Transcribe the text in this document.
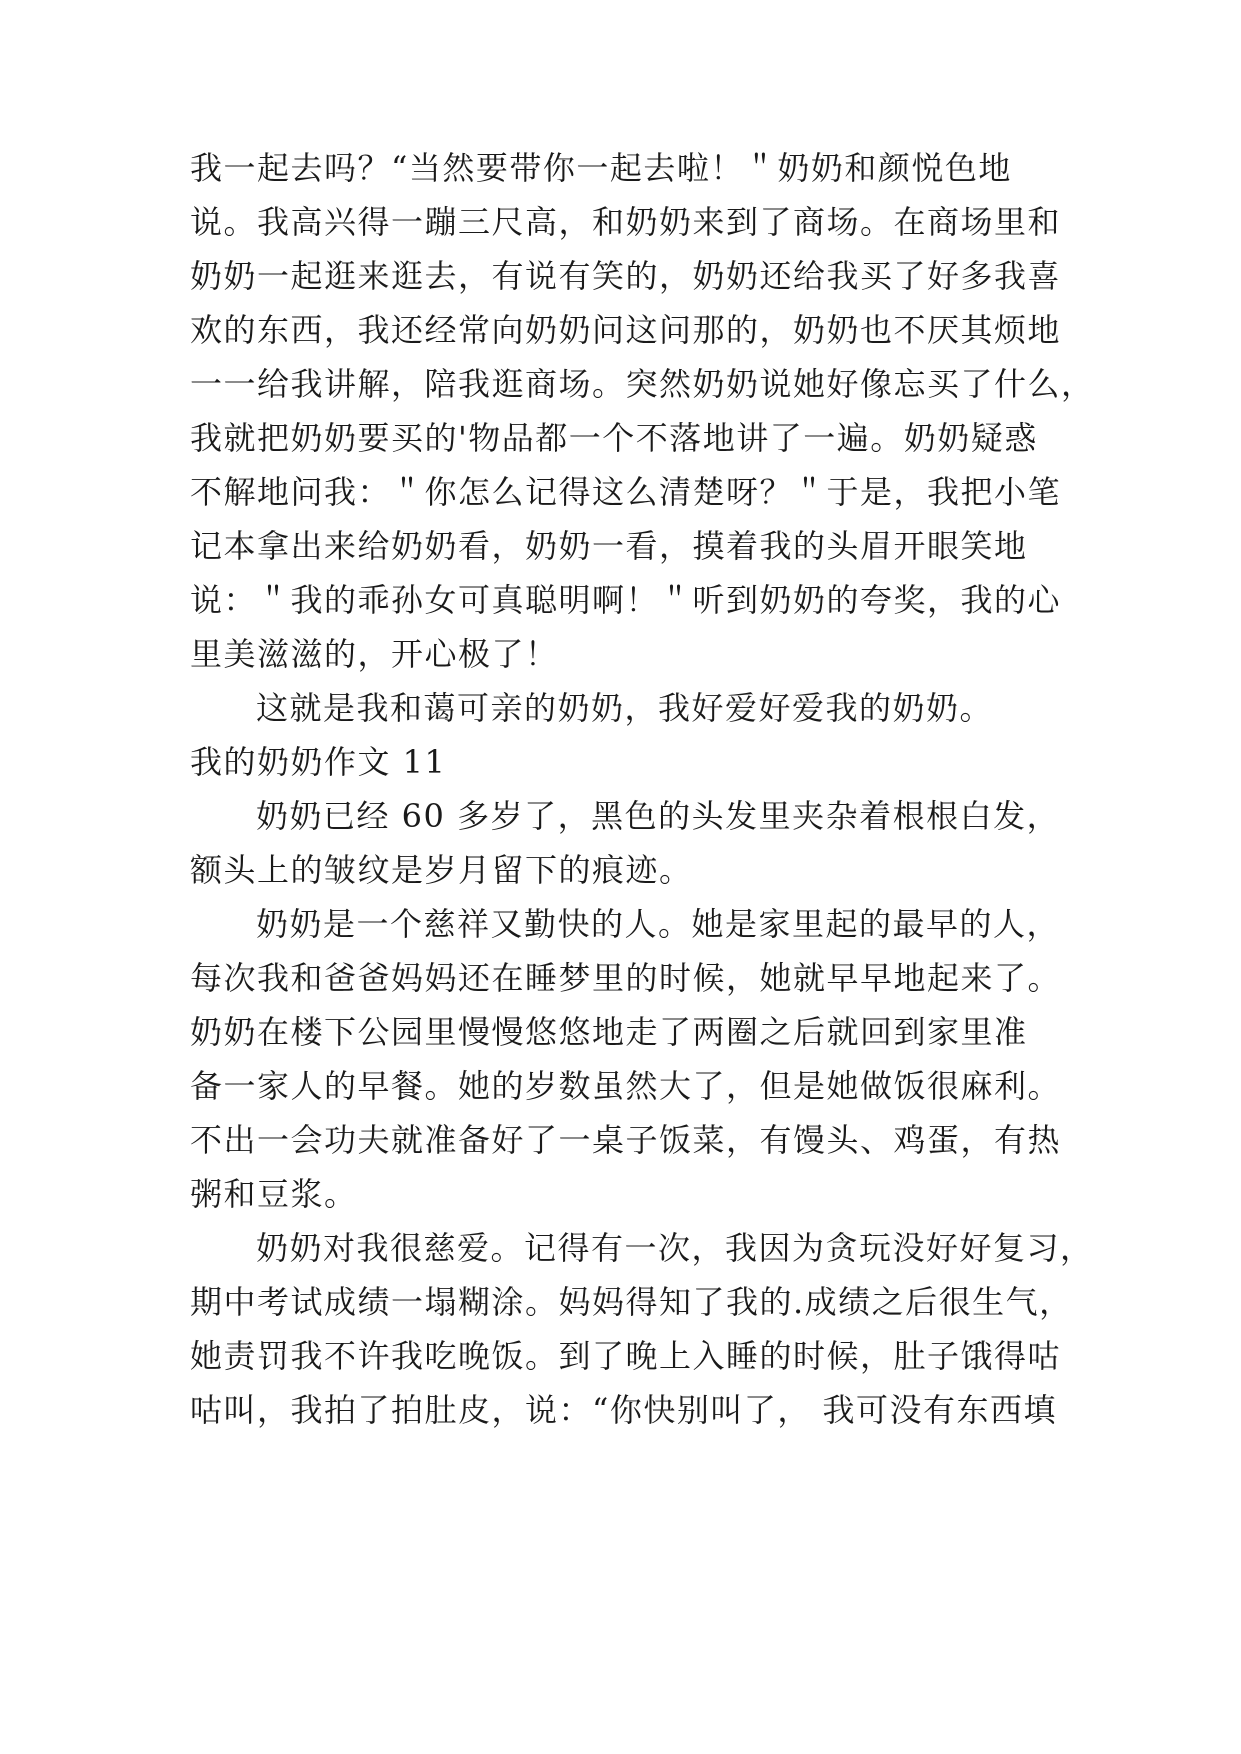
我一起去吗？“当然要带你一起去啦！＂奶奶和颜悦色地
说。我高兴得一蹦三尺高，和奶奶来到了商场。在商场里和
奶奶一起逛来逛去，有说有笑的，奶奶还给我买了好多我喜
欢的东西，我还经常向奶奶问这问那的，奶奶也不厌其烦地
一一给我讲解，陪我逛商场。突然奶奶说她好像忘买了什么，
我就把奶奶要买的'物品都一个不落地讲了一遍。奶奶疑惑
不解地问我：＂你怎么记得这么清楚呀？＂于是，我把小笔
记本拿出来给奶奶看，奶奶一看，摸着我的头眉开眼笑地
说：＂我的乖孙女可真聪明啊！＂听到奶奶的夸奖，我的心
里美滋滋的，开心极了！
这就是我和蔼可亲的奶奶，我好爱好爱我的奶奶。
我的奶奶作文 11
奶奶已经 60 多岁了，黑色的头发里夹杂着根根白发，
额头上的皱纹是岁月留下的痕迹。
奶奶是一个慈祥又勤快的人。她是家里起的最早的人，
每次我和爸爸妈妈还在睡梦里的时候，她就早早地起来了。
奶奶在楼下公园里慢慢悠悠地走了两圈之后就回到家里准
备一家人的早餐。她的岁数虽然大了，但是她做饭很麻利。
不出一会功夫就准备好了一桌子饭菜，有馒头、鸡蛋，有热
粥和豆浆。
奶奶对我很慈爱。记得有一次，我因为贪玩没好好复习，
期中考试成绩一塌糊涂。妈妈得知了我的.成绩之后很生气，
她责罚我不许我吃晚饭。到了晚上入睡的时候，肚子饿得咕
咕叫，我拍了拍肚皮，说：“你快别叫了， 我可没有东西填
